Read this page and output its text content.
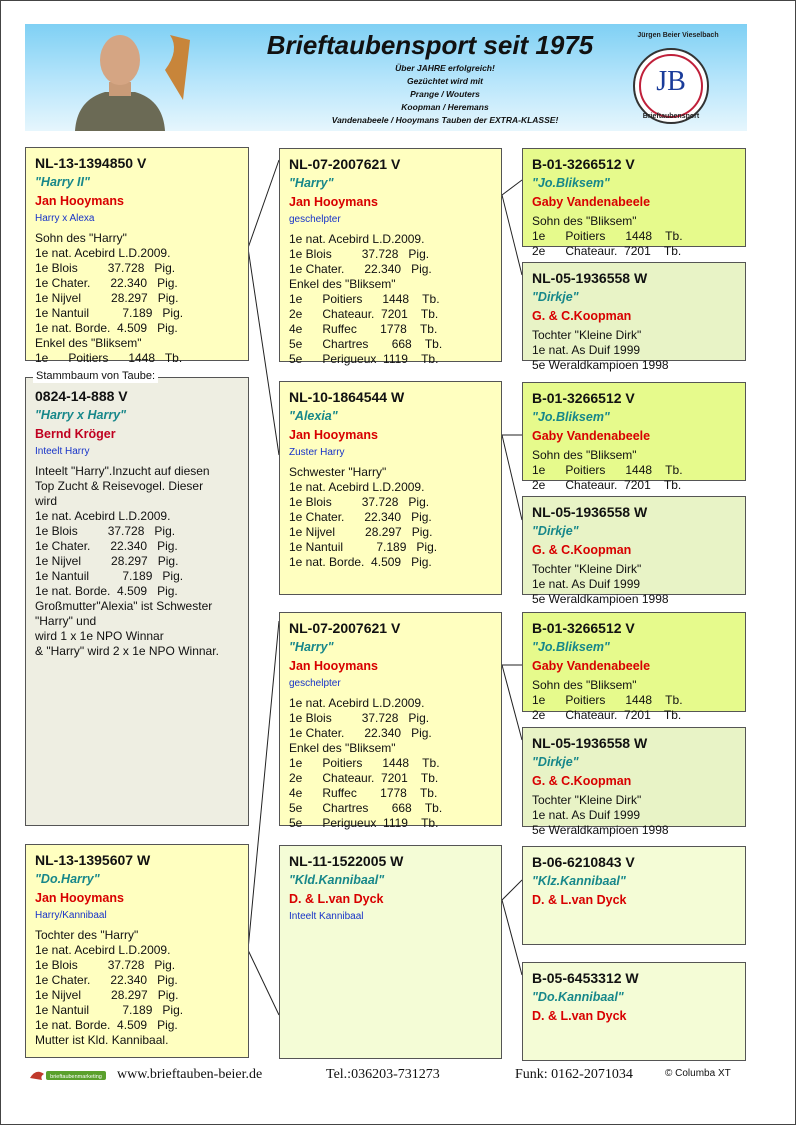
Brieftaubensport seit 1975
Über JAHRE erfolgreich!
Gezüchtet wird mit
Prange / Wouters
Koopman / Heremans
Vandenabeele / Hooymans Tauben der EXTRA-KLASSE!
Jürgen Beier Vieselbach
JB
Brieftaubensport
NL-13-1394850 V
"Harry II"
Jan Hooymans
Harry x Alexa
Sohn des "Harry"
1e nat. Acebird L.D.2009.
1e Blois         37.728   Pig.
1e Chater.      22.340   Pig.
1e Nijvel         28.297   Pig.
1e Nantuil          7.189   Pig.
1e nat. Borde.  4.509   Pig.
Enkel des "Bliksem"
1e      Poitiers      1448   Tb.
0824-14-888 V
"Harry x Harry"
Bernd Kröger
Inteelt Harry
Inteelt "Harry".Inzucht auf diesen
Top Zucht & Reisevogel. Dieser
wird
1e nat. Acebird L.D.2009.
1e Blois         37.728   Pig.
1e Chater.      22.340   Pig.
1e Nijvel         28.297   Pig.
1e Nantuil          7.189   Pig.
1e nat. Borde.  4.509   Pig.
Großmutter"Alexia" ist Schwester
"Harry" und
wird 1 x 1e NPO Winnar
& "Harry" wird 2 x 1e NPO Winnar.
Stammbaum von Taube:
NL-13-1395607 W
"Do.Harry"
Jan Hooymans
Harry/Kannibaal
Tochter des "Harry"
1e nat. Acebird L.D.2009.
1e Blois         37.728   Pig.
1e Chater.      22.340   Pig.
1e Nijvel         28.297   Pig.
1e Nantuil          7.189   Pig.
1e nat. Borde.  4.509   Pig.
Mutter ist Kld. Kannibaal.
NL-07-2007621 V
"Harry"
Jan Hooymans
geschelpter
1e nat. Acebird L.D.2009.
1e Blois         37.728   Pig.
1e Chater.      22.340   Pig.
Enkel des "Bliksem"
1e      Poitiers      1448    Tb.
2e      Chateaur.  7201    Tb.
4e      Ruffec       1778    Tb.
5e      Chartres       668    Tb.
5e      Perigueux  1119    Tb.
NL-10-1864544 W
"Alexia"
Jan Hooymans
Zuster Harry
Schwester "Harry"
1e nat. Acebird L.D.2009.
1e Blois         37.728   Pig.
1e Chater.      22.340   Pig.
1e Nijvel         28.297   Pig.
1e Nantuil          7.189   Pig.
1e nat. Borde.  4.509   Pig.
NL-07-2007621 V
"Harry"
Jan Hooymans
geschelpter
1e nat. Acebird L.D.2009.
1e Blois         37.728   Pig.
1e Chater.      22.340   Pig.
Enkel des "Bliksem"
1e      Poitiers      1448    Tb.
2e      Chateaur.  7201    Tb.
4e      Ruffec       1778    Tb.
5e      Chartres       668    Tb.
5e      Perigueux  1119    Tb.
NL-11-1522005 W
"Kld.Kannibaal"
D. & L.van Dyck
Inteelt Kannibaal
B-01-3266512 V
"Jo.Bliksem"
Gaby Vandenabeele
Sohn des "Bliksem"
1e      Poitiers      1448    Tb.
2e      Chateaur.  7201    Tb.
NL-05-1936558 W
"Dirkje"
G. & C.Koopman
Tochter "Kleine Dirk"
1e nat. As Duif 1999
5e Weraldkampioen 1998
B-01-3266512 V
"Jo.Bliksem"
Gaby Vandenabeele
Sohn des "Bliksem"
1e      Poitiers      1448    Tb.
2e      Chateaur.  7201    Tb.
NL-05-1936558 W
"Dirkje"
G. & C.Koopman
Tochter "Kleine Dirk"
1e nat. As Duif 1999
5e Weraldkampioen 1998
B-01-3266512 V
"Jo.Bliksem"
Gaby Vandenabeele
Sohn des "Bliksem"
1e      Poitiers      1448    Tb.
2e      Chateaur.  7201    Tb.
NL-05-1936558 W
"Dirkje"
G. & C.Koopman
Tochter "Kleine Dirk"
1e nat. As Duif 1999
5e Weraldkampioen 1998
B-06-6210843 V
"Klz.Kannibaal"
D. & L.van Dyck
B-05-6453312 W
"Do.Kannibaal"
D. & L.van Dyck
brieftaubenmarketing www.brieftauben-beier.de	Tel.:036203-731273	Funk: 0162-2071034	© Columba XT
